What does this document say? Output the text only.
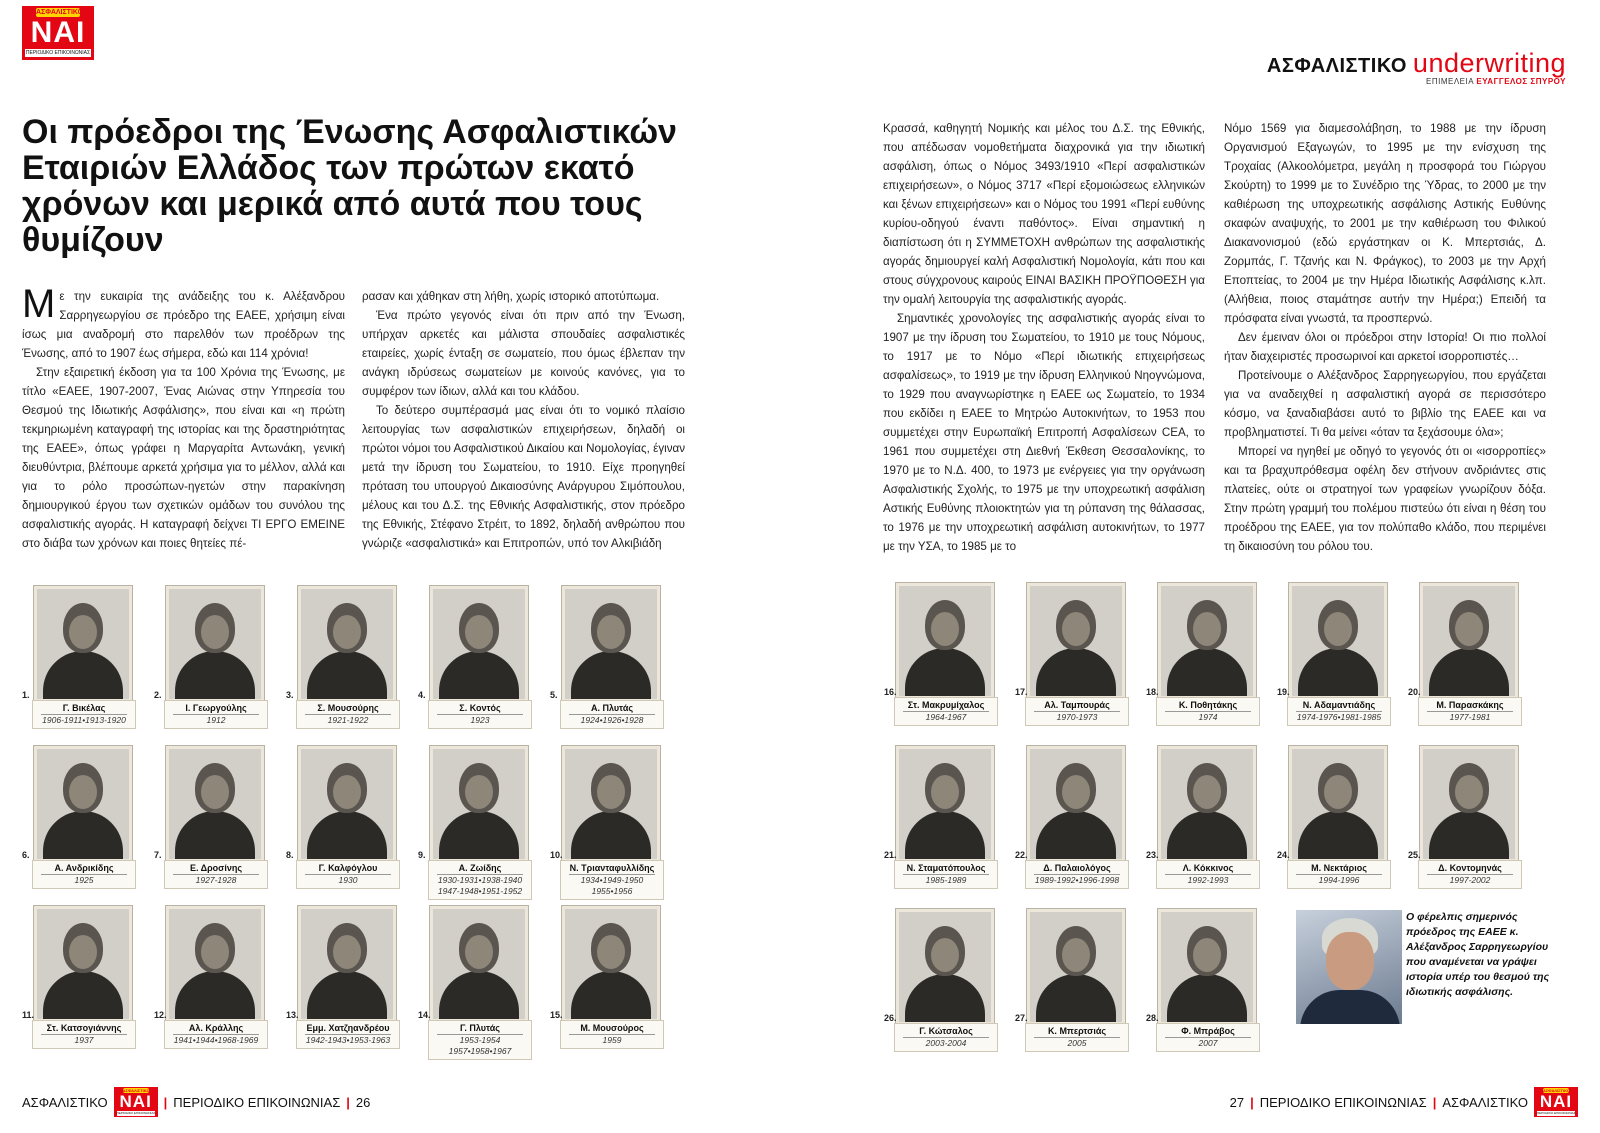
ΑΣΦΑΛΙΣΤΙΚΟ
ΝΑΙ
ΠΕΡΙΟΔΙΚΟ ΕΠΙΚΟΙΝΩΝΙΑΣ
Οι πρόεδροι της Ένωσης Ασφαλιστικών Εταιριών Ελλάδος των πρώτων εκατό χρόνων και μερικά από αυτά που τους θυμίζουν

Με την ευκαιρία της ανάδειξης του κ. Αλέξανδρου Σαρρηγεωργίου σε πρόεδρο της ΕΑΕΕ, χρήσιμη είναι ίσως μια αναδρομή στο παρελθόν των προέδρων της Ένωσης, από το 1907 έως σήμερα, εδώ και 114 χρόνια!

Στην εξαιρετική έκδοση για τα 100 Χρόνια της Ένωσης, με τίτλο «ΕΑΕΕ, 1907-2007, Ένας Αιώνας στην Υπηρεσία του Θεσμού της Ιδιωτικής Ασφάλισης», που είναι και «η πρώτη τεκμηριωμένη καταγραφή της ιστορίας και της δραστηριότητας της ΕΑΕΕ», όπως γράφει η Μαργαρίτα Αντωνάκη, γενική διευθύντρια, βλέπουμε αρκετά χρήσιμα για το μέλλον, αλλά και για το ρόλο προσώπων-ηγετών στην παρακίνηση δημιουργικού έργου των σχετικών ομάδων του συνόλου της ασφαλιστικής αγοράς. Η καταγραφή δείχνει ΤΙ ΕΡΓΟ ΕΜΕΙΝΕ στο διάβα των χρόνων και ποιες θητείες πέ-

ρασαν και χάθηκαν στη λήθη, χωρίς ιστορικό αποτύπωμα.

Ένα πρώτο γεγονός είναι ότι πριν από την Ένωση, υπήρχαν αρκετές και μάλιστα σπουδαίες ασφαλιστικές εταιρείες, χωρίς ένταξη σε σωματείο, που όμως έβλεπαν την ανάγκη ιδρύσεως σωματείων με κοινούς κανόνες, για το συμφέρον των ίδιων, αλλά και του κλάδου.

Το δεύτερο συμπέρασμά μας είναι ότι το νομικό πλαίσιο λειτουργίας των ασφαλιστικών επιχειρήσεων, δηλαδή οι πρώτοι νόμοι του Ασφαλιστικού Δικαίου και Νομολογίας, έγιναν μετά την ίδρυση του Σωματείου, το 1910. Είχε προηγηθεί πρόταση του υπουργού Δικαιοσύνης Ανάργυρου Σιμόπουλου, μέλους και του Δ.Σ. της Εθνικής Ασφαλιστικής, στον πρόεδρο της Εθνικής, Στέφανο Στρέιτ, το 1892, δηλαδή ανθρώπου που γνώριζε «ασφαλιστικά» και Επιτροπών, υπό τον Αλκιβιάδη

ΑΣΦΑΛΙΣΤΙΚΟ
ΑΣΦΑΛΙΣΤΙΚΟ
ΝΑΙ
ΠΕΡΙΟΔΙΚΟ ΕΠΙΚΟΙΝΩΝΙΑΣ
| ΠΕΡΙΟΔΙΚΟ ΕΠΙΚΟΙΝΩΝΙΑΣ | 26
1.
Γ. Βικέλας
1906-1911•1913-1920
2.
Ι. Γεωργούλης
1912
3.
Σ. Μουσούρης
1921-1922
4.
Σ. Κοντός
1923
5.
Α. Πλυτάς
1924•1926•1928
6.
Α. Ανδρικίδης
1925
7.
Ε. Δροσίνης
1927-1928
8.
Γ. Καλφόγλου
1930
9.
Α. Ζωίδης
1930-1931•1938-1940
1947-1948•1951-1952
10.
Ν. Τριανταφυλλίδης
1934•1949-1950
1955•1956
11.
Στ. Κατσογιάννης
1937
12.
Αλ. Κράλλης
1941•1944•1968-1969
13.
Εμμ. Χατζηανδρέου
1942-1943•1953-1963
14.
Γ. Πλυτάς
1953-1954
1957•1958•1967
15.
Μ. Μουσούρος
1959
ΑΣΦΑΛΙΣΤΙΚΟ underwriting
ΕΠΙΜΕΛΕΙΑ ΕΥΑΓΓΕΛΟΣ ΣΠΥΡΟΥ

Κρασσά, καθηγητή Νομικής και μέλος του Δ.Σ. της Εθνικής, που απέδωσαν νομοθετήματα διαχρονικά για την ιδιωτική ασφάλιση, όπως ο Νόμος 3493/1910 «Περί ασφαλιστικών επιχειρήσεων», ο Νόμος 3717 «Περί εξομοιώσεως ελληνικών και ξένων επιχειρήσεων» και ο Νόμος του 1991 «Περί ευθύνης κυρίου-οδηγού έναντι παθόντος». Είναι σημαντική η διαπίστωση ότι η ΣΥΜΜΕΤΟΧΗ ανθρώπων της ασφαλιστικής αγοράς δημιουργεί καλή Ασφαλιστική Νομολογία, κάτι που και στους σύγχρονους καιρούς ΕΙΝΑΙ ΒΑΣΙΚΗ ΠΡΟΫΠΟΘΕΣΗ για την ομαλή λειτουργία της ασφαλιστικής αγοράς.

Σημαντικές χρονολογίες της ασφαλιστικής αγοράς είναι το 1907 με την ίδρυση του Σωματείου, το 1910 με τους Νόμους, το 1917 με το Νόμο «Περί ιδιωτικής επιχειρήσεως ασφαλίσεως», το 1919 με την ίδρυση Ελληνικού Νηογνώμονα, το 1929 που αναγνωρίστηκε η ΕΑΕΕ ως Σωματείο, το 1934 που εκδίδει η ΕΑΕΕ το Μητρώο Αυτοκινήτων, το 1953 που συμμετέχει στην Ευρωπαϊκή Επιτροπή Ασφαλίσεων CEA, το 1961 που συμμετέχει στη Διεθνή Έκθεση Θεσσαλονίκης, το 1970 με το Ν.Δ. 400, το 1973 με ενέργειες για την οργάνωση Ασφαλιστικής Σχολής, το 1975 με την υποχρεωτική ασφάλιση Αστικής Ευθύνης πλοιοκτητών για τη ρύπανση της θάλασσας, το 1976 με την υποχρεωτική ασφάλιση αυτοκινήτων, το 1977 με την ΥΣΑ, το 1985 με το

Νόμο 1569 για διαμεσολάβηση, το 1988 με την ίδρυση Οργανισμού Εξαγωγών, το 1995 με την ενίσχυση της Τροχαίας (Αλκοολόμετρα, μεγάλη η προσφορά του Γιώργου Σκούρτη) το 1999 με το Συνέδριο της Ύδρας, το 2000 με την καθιέρωση της υποχρεωτικής ασφάλισης Αστικής Ευθύνης σκαφών αναψυχής, το 2001 με την καθιέρωση του Φιλικού Διακανονισμού (εδώ εργάστηκαν οι Κ. Μπερτσιάς, Δ. Ζορμπάς, Γ. Τζανής και Ν. Φράγκος), το 2003 με την Αρχή Εποπτείας, το 2004 με την Ημέρα Ιδιωτικής Ασφάλισης κ.λπ. (Αλήθεια, ποιος σταμάτησε αυτήν την Ημέρα;) Επειδή τα πρόσφατα είναι γνωστά, τα προσπερνώ.

Δεν έμειναν όλοι οι πρόεδροι στην Ιστορία! Οι πιο πολλοί ήταν διαχειριστές προσωρινοί και αρκετοί ισορροπιστές…

Προτείνουμε ο Αλέξανδρος Σαρρηγεωργίου, που εργάζεται για να αναδειχθεί η ασφαλιστική αγορά σε περισσότερο κόσμο, να ξαναδιαβάσει αυτό το βιβλίο της ΕΑΕΕ και να προβληματιστεί. Τι θα μείνει «όταν τα ξεχάσουμε όλα»;

Μπορεί να ηγηθεί με οδηγό το γεγονός ότι οι «ισορροπίες» και τα βραχυπρόθεσμα οφέλη δεν στήνουν ανδριάντες στις πλατείες, ούτε οι στρατηγοί των γραφείων γνωρίζουν δόξα. Στην πρώτη γραμμή του πολέμου πιστεύω ότι είναι η θέση του προέδρου της ΕΑΕΕ, για τον πολύπαθο κλάδο, που περιμένει τη δικαιοσύνη του ρόλου του.

Ο φέρελπις σημερινός πρόεδρος της ΕΑΕΕ κ. Αλέξανδρος Σαρρηγεωργίου που αναμένεται να γράψει ιστορία υπέρ του θεσμού της ιδιωτικής ασφάλισης.

27 | ΠΕΡΙΟΔΙΚΟ ΕΠΙΚΟΙΝΩΝΙΑΣ | ΑΣΦΑΛΙΣΤΙΚΟ
ΑΣΦΑΛΙΣΤΙΚΟ
ΝΑΙ
ΠΕΡΙΟΔΙΚΟ ΕΠΙΚΟΙΝΩΝΙΑΣ
16.
Στ. Μακρυμίχαλος
1964-1967
17.
Αλ. Ταμπουράς
1970-1973
18.
Κ. Ποθητάκης
1974
19.
Ν. Αδαμαντιάδης
1974-1976•1981-1985
20.
Μ. Παρασκάκης
1977-1981
21.
Ν. Σταματόπουλος
1985-1989
22.
Δ. Παλαιολόγος
1989-1992•1996-1998
23.
Λ. Κόκκινος
1992-1993
24.
Μ. Νεκτάριος
1994-1996
25.
Δ. Κοντομηνάς
1997-2002
26.
Γ. Κώτσαλος
2003-2004
27.
Κ. Μπερτσιάς
2005
28.
Φ. Μπράβος
2007
